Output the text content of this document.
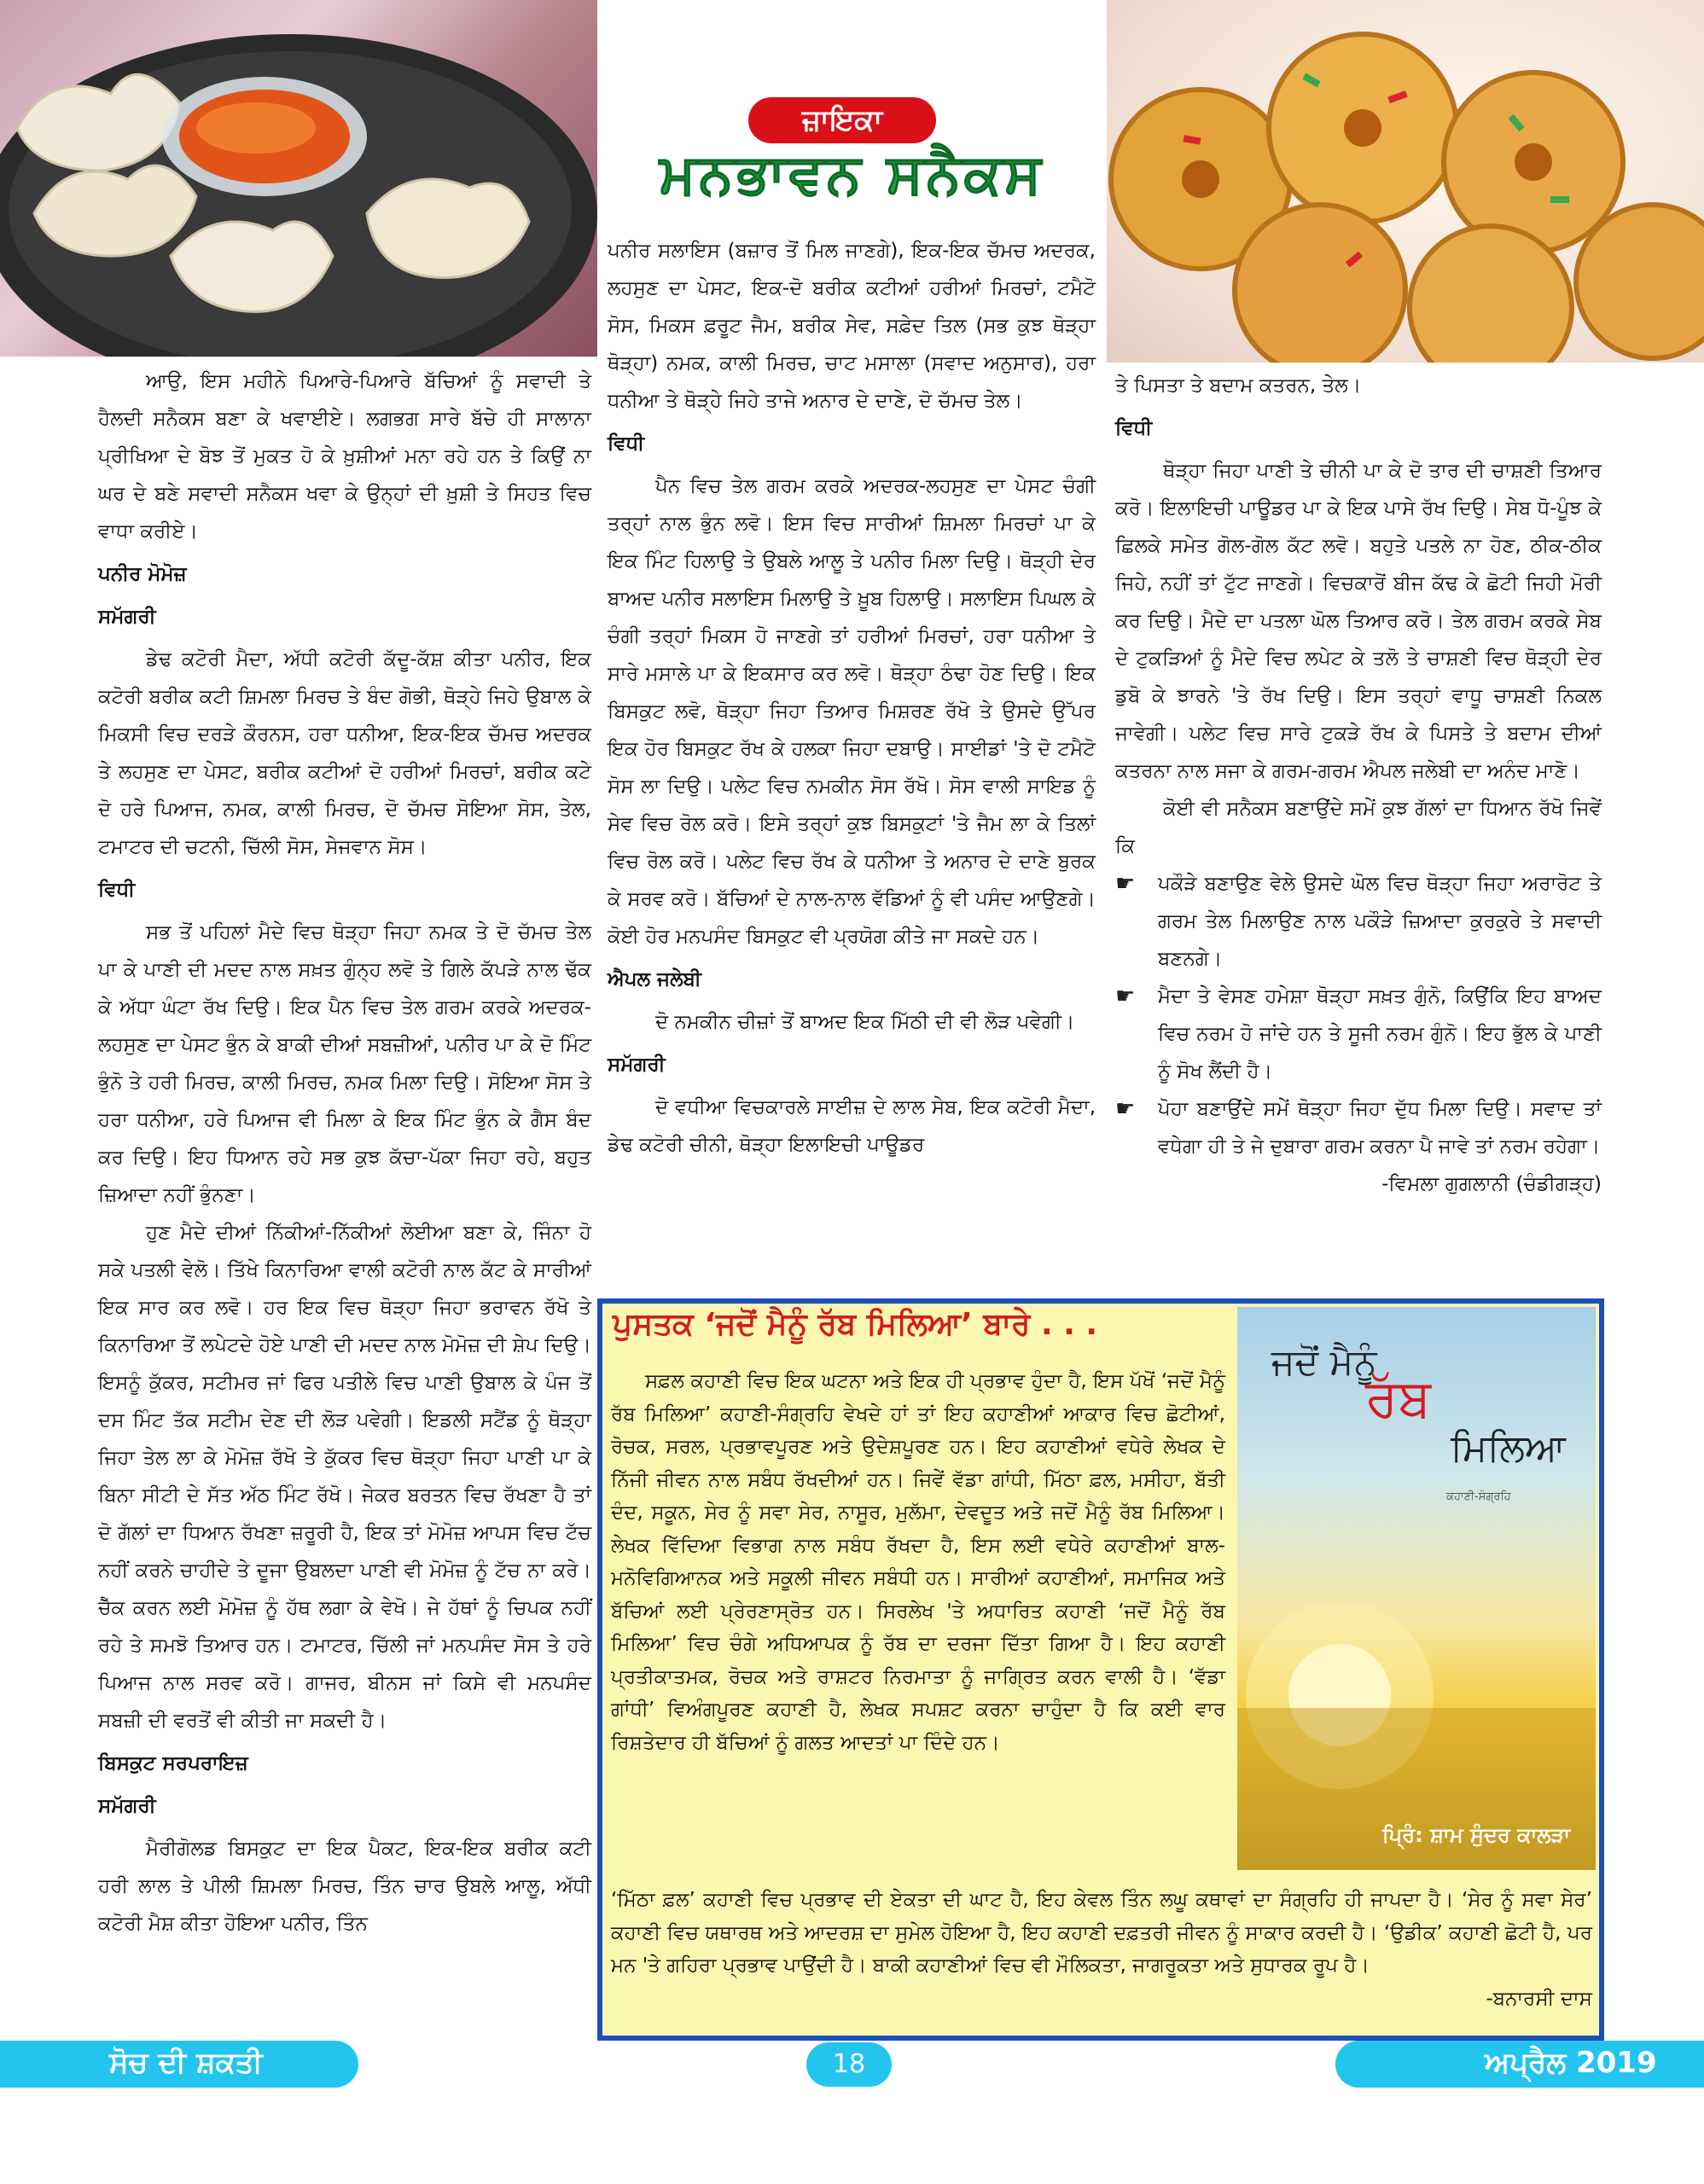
ਜ਼ਾਇਕਾ
ਮਨਭਾਵਨ ਸਨੈਕਸ

ਆਉ, ਇਸ ਮਹੀਨੇ ਪਿਆਰੇ-ਪਿਆਰੇ ਬੱਚਿਆਂ ਨੂੰ ਸਵਾਦੀ ਤੇ ਹੈਲਦੀ ਸਨੈਕਸ ਬਣਾ ਕੇ ਖਵਾਈਏ। ਲਗਭਗ ਸਾਰੇ ਬੱਚੇ ਹੀ ਸਾਲਾਨਾ ਪ੍ਰੀਖਿਆ ਦੇ ਬੋਝ ਤੋਂ ਮੁਕਤ ਹੋ ਕੇ ਖ਼ੁਸ਼ੀਆਂ ਮਨਾ ਰਹੇ ਹਨ ਤੇ ਕਿਉਂ ਨਾ ਘਰ ਦੇ ਬਣੇ ਸਵਾਦੀ ਸਨੈਕਸ ਖਵਾ ਕੇ ਉਨ੍ਹਾਂ ਦੀ ਖ਼ੁਸ਼ੀ ਤੇ ਸਿਹਤ ਵਿਚ ਵਾਧਾ ਕਰੀਏ।

ਪਨੀਰ ਮੋਮੋਜ਼

ਸਮੱਗਰੀ

ਡੇਢ ਕਟੋਰੀ ਮੈਦਾ, ਅੱਧੀ ਕਟੋਰੀ ਕੱਦੂ-ਕੱਸ਼ ਕੀਤਾ ਪਨੀਰ, ਇਕ ਕਟੋਰੀ ਬਰੀਕ ਕਟੀ ਸ਼ਿਮਲਾ ਮਿਰਚ ਤੇ ਬੰਦ ਗੋਭੀ, ਥੋੜ੍ਹੇ ਜਿਹੇ ਉਬਾਲ ਕੇ ਮਿਕਸੀ ਵਿਚ ਦਰੜੇ ਕੌਰਨਸ, ਹਰਾ ਧਨੀਆ, ਇਕ-ਇਕ ਚੱਮਚ ਅਦਰਕ ਤੇ ਲਹਸੁਣ ਦਾ ਪੇਸਟ, ਬਰੀਕ ਕਟੀਆਂ ਦੋ ਹਰੀਆਂ ਮਿਰਚਾਂ, ਬਰੀਕ ਕਟੇ ਦੋ ਹਰੇ ਪਿਆਜ, ਨਮਕ, ਕਾਲੀ ਮਿਰਚ, ਦੋ ਚੱਮਚ ਸੋਇਆ ਸੋਸ, ਤੇਲ, ਟਮਾਟਰ ਦੀ ਚਟਨੀ, ਚਿੱਲੀ ਸੋਸ, ਸੇਜਵਾਨ ਸੋਸ।

ਵਿਧੀ

ਸਭ ਤੋਂ ਪਹਿਲਾਂ ਮੈਦੇ ਵਿਚ ਥੋੜ੍ਹਾ ਜਿਹਾ ਨਮਕ ਤੇ ਦੋ ਚੱਮਚ ਤੇਲ ਪਾ ਕੇ ਪਾਣੀ ਦੀ ਮਦਦ ਨਾਲ ਸਖ਼ਤ ਗੁੰਨ੍ਹ ਲਵੋ ਤੇ ਗਿਲੇ ਕੱਪੜੇ ਨਾਲ ਢੱਕ ਕੇ ਅੱਧਾ ਘੰਟਾ ਰੱਖ ਦਿਉ। ਇਕ ਪੈਨ ਵਿਚ ਤੇਲ ਗਰਮ ਕਰਕੇ ਅਦਰਕ-ਲਹਸੁਣ ਦਾ ਪੇਸਟ ਭੁੰਨ ਕੇ ਬਾਕੀ ਦੀਆਂ ਸਬਜ਼ੀਆਂ, ਪਨੀਰ ਪਾ ਕੇ ਦੋ ਮਿੰਟ ਭੁੰਨੋ ਤੇ ਹਰੀ ਮਿਰਚ, ਕਾਲੀ ਮਿਰਚ, ਨਮਕ ਮਿਲਾ ਦਿਉ। ਸੋਇਆ ਸੋਸ ਤੇ ਹਰਾ ਧਨੀਆ, ਹਰੇ ਪਿਆਜ ਵੀ ਮਿਲਾ ਕੇ ਇਕ ਮਿੰਟ ਭੁੰਨ ਕੇ ਗੈਸ ਬੰਦ ਕਰ ਦਿਉ। ਇਹ ਧਿਆਨ ਰਹੇ ਸਭ ਕੁਝ ਕੱਚਾ-ਪੱਕਾ ਜਿਹਾ ਰਹੇ, ਬਹੁਤ ਜ਼ਿਆਦਾ ਨਹੀਂ ਭੁੰਨਣਾ।

ਹੁਣ ਮੈਦੇ ਦੀਆਂ ਨਿੱਕੀਆਂ-ਨਿੱਕੀਆਂ ਲੋਈਆ ਬਣਾ ਕੇ, ਜਿੰਨਾ ਹੋ ਸਕੇ ਪਤਲੀ ਵੇਲੋ। ਤਿੱਖੇ ਕਿਨਾਰਿਆ ਵਾਲੀ ਕਟੋਰੀ ਨਾਲ ਕੱਟ ਕੇ ਸਾਰੀਆਂ ਇਕ ਸਾਰ ਕਰ ਲਵੋ। ਹਰ ਇਕ ਵਿਚ ਥੋੜ੍ਹਾ ਜਿਹਾ ਭਰਾਵਨ ਰੱਖੋ ਤੇ ਕਿਨਾਰਿਆ ਤੋਂ ਲਪੇਟਦੇ ਹੋਏ ਪਾਣੀ ਦੀ ਮਦਦ ਨਾਲ ਮੋਮੋਜ਼ ਦੀ ਸ਼ੇਪ ਦਿਉ। ਇਸਨੂੰ ਕੁੱਕਰ, ਸਟੀਮਰ ਜਾਂ ਫਿਰ ਪਤੀਲੇ ਵਿਚ ਪਾਣੀ ਉਬਾਲ ਕੇ ਪੰਜ ਤੋਂ ਦਸ ਮਿੰਟ ਤੱਕ ਸਟੀਮ ਦੇਣ ਦੀ ਲੋੜ ਪਵੇਗੀ। ਇਡਲੀ ਸਟੈਂਡ ਨੂੰ ਥੋੜ੍ਹਾ ਜਿਹਾ ਤੇਲ ਲਾ ਕੇ ਮੋਮੋਜ਼ ਰੱਖੋ ਤੇ ਕੁੱਕਰ ਵਿਚ ਥੋੜ੍ਹਾ ਜਿਹਾ ਪਾਣੀ ਪਾ ਕੇ ਬਿਨਾ ਸੀਟੀ ਦੇ ਸੱਤ ਅੱਠ ਮਿੰਟ ਰੱਖੋ। ਜੇਕਰ ਬਰਤਨ ਵਿਚ ਰੱਖਣਾ ਹੈ ਤਾਂ ਦੋ ਗੱਲਾਂ ਦਾ ਧਿਆਨ ਰੱਖਣਾ ਜ਼ਰੂਰੀ ਹੈ, ਇਕ ਤਾਂ ਮੋਮੋਜ਼ ਆਪਸ ਵਿਚ ਟੱਚ ਨਹੀਂ ਕਰਨੇ ਚਾਹੀਦੇ ਤੇ ਦੂਜਾ ਉਬਲਦਾ ਪਾਣੀ ਵੀ ਮੋਮੋਜ਼ ਨੂੰ ਟੱਚ ਨਾ ਕਰੇ। ਚੈੱਕ ਕਰਨ ਲਈ ਮੋਮੋਜ਼ ਨੂੰ ਹੱਥ ਲਗਾ ਕੇ ਵੇਖੋ। ਜੇ ਹੱਥਾਂ ਨੂੰ ਚਿਪਕ ਨਹੀਂ ਰਹੇ ਤੇ ਸਮਝੋ ਤਿਆਰ ਹਨ। ਟਮਾਟਰ, ਚਿੱਲੀ ਜਾਂ ਮਨਪਸੰਦ ਸੋਸ ਤੇ ਹਰੇ ਪਿਆਜ ਨਾਲ ਸਰਵ ਕਰੋ। ਗਾਜਰ, ਬੀਨਸ ਜਾਂ ਕਿਸੇ ਵੀ ਮਨਪਸੰਦ ਸਬਜ਼ੀ ਦੀ ਵਰਤੋਂ ਵੀ ਕੀਤੀ ਜਾ ਸਕਦੀ ਹੈ।

ਬਿਸਕੁਟ ਸਰਪਰਾਇਜ਼

ਸਮੱਗਰੀ

ਮੈਰੀਗੋਲਡ ਬਿਸਕੁਟ ਦਾ ਇਕ ਪੈਕਟ, ਇਕ-ਇਕ ਬਰੀਕ ਕਟੀ ਹਰੀ ਲਾਲ ਤੇ ਪੀਲੀ ਸ਼ਿਮਲਾ ਮਿਰਚ, ਤਿੰਨ ਚਾਰ ਉਬਲੇ ਆਲੂ, ਅੱਧੀ ਕਟੋਰੀ ਮੈਸ਼ ਕੀਤਾ ਹੋਇਆ ਪਨੀਰ, ਤਿੰਨ

ਪਨੀਰ ਸਲਾਇਸ (ਬਜ਼ਾਰ ਤੋਂ ਮਿਲ ਜਾਣਗੇ), ਇਕ-ਇਕ ਚੱਮਚ ਅਦਰਕ, ਲਹਸੁਣ ਦਾ ਪੇਸਟ, ਇਕ-ਦੋ ਬਰੀਕ ਕਟੀਆਂ ਹਰੀਆਂ ਮਿਰਚਾਂ, ਟਮੈਟੋ ਸੋਸ, ਮਿਕਸ ਫ਼ਰੂਟ ਜੈਮ, ਬਰੀਕ ਸੇਵ, ਸਫ਼ੇਦ ਤਿਲ (ਸਭ ਕੁਝ ਥੋੜ੍ਹਾ ਥੋੜ੍ਹਾ) ਨਮਕ, ਕਾਲੀ ਮਿਰਚ, ਚਾਟ ਮਸਾਲਾ (ਸਵਾਦ ਅਨੁਸਾਰ), ਹਰਾ ਧਨੀਆ ਤੇ ਥੋੜ੍ਹੇ ਜਿਹੇ ਤਾਜੇ ਅਨਾਰ ਦੇ ਦਾਣੇ, ਦੋ ਚੱਮਚ ਤੇਲ।

ਵਿਧੀ

ਪੈਨ ਵਿਚ ਤੇਲ ਗਰਮ ਕਰਕੇ ਅਦਰਕ-ਲਹਸੁਣ ਦਾ ਪੇਸਟ ਚੰਗੀ ਤਰ੍ਹਾਂ ਨਾਲ ਭੁੰਨ ਲਵੋ। ਇਸ ਵਿਚ ਸਾਰੀਆਂ ਸ਼ਿਮਲਾ ਮਿਰਚਾਂ ਪਾ ਕੇ ਇਕ ਮਿੰਟ ਹਿਲਾਉ ਤੇ ਉਬਲੇ ਆਲੂ ਤੇ ਪਨੀਰ ਮਿਲਾ ਦਿਉ। ਥੋੜ੍ਹੀ ਦੇਰ ਬਾਅਦ ਪਨੀਰ ਸਲਾਇਸ ਮਿਲਾਉ ਤੇ ਖ਼ੂਬ ਹਿਲਾਉ। ਸਲਾਇਸ ਪਿਘਲ ਕੇ ਚੰਗੀ ਤਰ੍ਹਾਂ ਮਿਕਸ ਹੋ ਜਾਣਗੇ ਤਾਂ ਹਰੀਆਂ ਮਿਰਚਾਂ, ਹਰਾ ਧਨੀਆ ਤੇ ਸਾਰੇ ਮਸਾਲੇ ਪਾ ਕੇ ਇਕਸਾਰ ਕਰ ਲਵੋ। ਥੋੜ੍ਹਾ ਠੰਢਾ ਹੋਣ ਦਿਉ। ਇਕ ਬਿਸਕੁਟ ਲਵੋ, ਥੋੜ੍ਹਾ ਜਿਹਾ ਤਿਆਰ ਮਿਸ਼ਰਣ ਰੱਖੋ ਤੇ ਉਸਦੇ ਉੱਪਰ ਇਕ ਹੋਰ ਬਿਸਕੁਟ ਰੱਖ ਕੇ ਹਲਕਾ ਜਿਹਾ ਦਬਾਉ। ਸਾਈਡਾਂ 'ਤੇ ਦੋ ਟਮੈਟੋ ਸੋਸ ਲਾ ਦਿਉ। ਪਲੇਟ ਵਿਚ ਨਮਕੀਨ ਸੋਸ ਰੱਖੋ। ਸੋਸ ਵਾਲੀ ਸਾਇਡ ਨੂੰ ਸੇਵ ਵਿਚ ਰੋਲ ਕਰੋ। ਇਸੇ ਤਰ੍ਹਾਂ ਕੁਝ ਬਿਸਕੁਟਾਂ 'ਤੇ ਜੈਮ ਲਾ ਕੇ ਤਿਲਾਂ ਵਿਚ ਰੋਲ ਕਰੋ। ਪਲੇਟ ਵਿਚ ਰੱਖ ਕੇ ਧਨੀਆ ਤੇ ਅਨਾਰ ਦੇ ਦਾਣੇ ਬੁਰਕ ਕੇ ਸਰਵ ਕਰੋ। ਬੱਚਿਆਂ ਦੇ ਨਾਲ-ਨਾਲ ਵੱਡਿਆਂ ਨੂੰ ਵੀ ਪਸੰਦ ਆਉਣਗੇ। ਕੋਈ ਹੋਰ ਮਨਪਸੰਦ ਬਿਸਕੁਟ ਵੀ ਪ੍ਰਯੋਗ ਕੀਤੇ ਜਾ ਸਕਦੇ ਹਨ।

ਐਪਲ ਜਲੇਬੀ

ਦੋ ਨਮਕੀਨ ਚੀਜ਼ਾਂ ਤੋਂ ਬਾਅਦ ਇਕ ਮਿੱਠੀ ਦੀ ਵੀ ਲੋੜ ਪਵੇਗੀ।

ਸਮੱਗਰੀ

ਦੋ ਵਧੀਆ ਵਿਚਕਾਰਲੇ ਸਾਈਜ਼ ਦੇ ਲਾਲ ਸੇਬ, ਇਕ ਕਟੋਰੀ ਮੈਦਾ, ਡੇਢ ਕਟੋਰੀ ਚੀਨੀ, ਥੋੜ੍ਹਾ ਇਲਾਇਚੀ ਪਾਊਡਰ

ਤੇ ਪਿਸਤਾ ਤੇ ਬਦਾਮ ਕਤਰਨ, ਤੇਲ।

ਵਿਧੀ

ਥੋੜ੍ਹਾ ਜਿਹਾ ਪਾਣੀ ਤੇ ਚੀਨੀ ਪਾ ਕੇ ਦੋ ਤਾਰ ਦੀ ਚਾਸ਼ਣੀ ਤਿਆਰ ਕਰੋ। ਇਲਾਇਚੀ ਪਾਊਡਰ ਪਾ ਕੇ ਇਕ ਪਾਸੇ ਰੱਖ ਦਿਉ। ਸੇਬ ਧੋ-ਪੂੰਝ ਕੇ ਛਿਲਕੇ ਸਮੇਤ ਗੋਲ-ਗੋਲ ਕੱਟ ਲਵੋ। ਬਹੁਤੇ ਪਤਲੇ ਨਾ ਹੋਣ, ਠੀਕ-ਠੀਕ ਜਿਹੇ, ਨਹੀਂ ਤਾਂ ਟੁੱਟ ਜਾਣਗੇ। ਵਿਚਕਾਰੋਂ ਬੀਜ ਕੱਢ ਕੇ ਛੋਟੀ ਜਿਹੀ ਮੋਰੀ ਕਰ ਦਿਉ। ਮੈਦੇ ਦਾ ਪਤਲਾ ਘੋਲ ਤਿਆਰ ਕਰੋ। ਤੇਲ ਗਰਮ ਕਰਕੇ ਸੇਬ ਦੇ ਟੁਕੜਿਆਂ ਨੂੰ ਮੈਦੇ ਵਿਚ ਲਪੇਟ ਕੇ ਤਲੋ ਤੇ ਚਾਸ਼ਣੀ ਵਿਚ ਥੋੜ੍ਹੀ ਦੇਰ ਡੁਬੋ ਕੇ ਝਾਰਨੇ 'ਤੇ ਰੱਖ ਦਿਉ। ਇਸ ਤਰ੍ਹਾਂ ਵਾਧੂ ਚਾਸ਼ਣੀ ਨਿਕਲ ਜਾਵੇਗੀ। ਪਲੇਟ ਵਿਚ ਸਾਰੇ ਟੁਕੜੇ ਰੱਖ ਕੇ ਪਿਸਤੇ ਤੇ ਬਦਾਮ ਦੀਆਂ ਕਤਰਨਾ ਨਾਲ ਸਜਾ ਕੇ ਗਰਮ-ਗਰਮ ਐਪਲ ਜਲੇਬੀ ਦਾ ਅਨੰਦ ਮਾਣੋ।

ਕੋਈ ਵੀ ਸਨੈਕਸ ਬਣਾਉਂਦੇ ਸਮੇਂ ਕੁਝ ਗੱਲਾਂ ਦਾ ਧਿਆਨ ਰੱਖੋ ਜਿਵੇਂ ਕਿ

☛ ਪਕੌੜੇ ਬਣਾਉਣ ਵੇਲੇ ਉਸਦੇ ਘੋਲ ਵਿਚ ਥੋੜ੍ਹਾ ਜਿਹਾ ਅਰਾਰੋਟ ਤੇ ਗਰਮ ਤੇਲ ਮਿਲਾਉਣ ਨਾਲ ਪਕੌੜੇ ਜ਼ਿਆਦਾ ਕੁਰਕੁਰੇ ਤੇ ਸਵਾਦੀ ਬਣਨਗੇ।
☛ ਮੈਦਾ ਤੇ ਵੇਸਣ ਹਮੇਸ਼ਾ ਥੋੜ੍ਹਾ ਸਖ਼ਤ ਗੁੰਨੋ, ਕਿਉਂਕਿ ਇਹ ਬਾਅਦ ਵਿਚ ਨਰਮ ਹੋ ਜਾਂਦੇ ਹਨ ਤੇ ਸੂਜੀ ਨਰਮ ਗੁੰਨੋ। ਇਹ ਭੁੱਲ ਕੇ ਪਾਣੀ ਨੂੰ ਸੋਖ ਲੈਂਦੀ ਹੈ।
☛ ਪੋਹਾ ਬਣਾਉਂਦੇ ਸਮੇਂ ਥੋੜ੍ਹਾ ਜਿਹਾ ਦੁੱਧ ਮਿਲਾ ਦਿਉ। ਸਵਾਦ ਤਾਂ ਵਧੇਗਾ ਹੀ ਤੇ ਜੇ ਦੁਬਾਰਾ ਗਰਮ ਕਰਨਾ ਪੈ ਜਾਵੇ ਤਾਂ ਨਰਮ ਰਹੇਗਾ।

-ਵਿਮਲਾ ਗੁਗਲਾਨੀ (ਚੰਡੀਗੜ੍ਹ)

ਪੁਸਤਕ ‘ਜਦੋਂ ਮੈਨੂੰ ਰੱਬ ਮਿਲਿਆ’ ਬਾਰੇ . . .

ਸਫ਼ਲ ਕਹਾਣੀ ਵਿਚ ਇਕ ਘਟਨਾ ਅਤੇ ਇਕ ਹੀ ਪ੍ਰਭਾਵ ਹੁੰਦਾ ਹੈ, ਇਸ ਪੱਖੋਂ ‘ਜਦੋਂ ਮੈਨੂੰ ਰੱਬ ਮਿਲਿਆ’ ਕਹਾਣੀ-ਸੰਗ੍ਰਹਿ ਵੇਖਦੇ ਹਾਂ ਤਾਂ ਇਹ ਕਹਾਣੀਆਂ ਆਕਾਰ ਵਿਚ ਛੋਟੀਆਂ, ਰੋਚਕ, ਸਰਲ, ਪ੍ਰਭਾਵਪੂਰਣ ਅਤੇ ਉਦੇਸ਼ਪੂਰਣ ਹਨ। ਇਹ ਕਹਾਣੀਆਂ ਵਧੇਰੇ ਲੇਖਕ ਦੇ ਨਿੱਜੀ ਜੀਵਨ ਨਾਲ ਸਬੰਧ ਰੱਖਦੀਆਂ ਹਨ। ਜਿਵੇਂ ਵੱਡਾ ਗਾਂਧੀ, ਮਿੱਠਾ ਫ਼ਲ, ਮਸੀਹਾ, ਬੱਤੀ ਦੰਦ, ਸਕੂਨ, ਸੇਰ ਨੂੰ ਸਵਾ ਸੇਰ, ਨਾਸੂਰ, ਮੁਲੱਮਾ, ਦੇਵਦੂਤ ਅਤੇ ਜਦੋਂ ਮੈਨੂੰ ਰੱਬ ਮਿਲਿਆ। ਲੇਖਕ ਵਿੱਦਿਆ ਵਿਭਾਗ ਨਾਲ ਸਬੰਧ ਰੱਖਦਾ ਹੈ, ਇਸ ਲਈ ਵਧੇਰੇ ਕਹਾਣੀਆਂ ਬਾਲ-ਮਨੋਵਿਗਿਆਨਕ ਅਤੇ ਸਕੂਲੀ ਜੀਵਨ ਸਬੰਧੀ ਹਨ। ਸਾਰੀਆਂ ਕਹਾਣੀਆਂ, ਸਮਾਜਿਕ ਅਤੇ ਬੱਚਿਆਂ ਲਈ ਪ੍ਰੇਰਣਾਸ੍ਰੋਤ ਹਨ। ਸਿਰਲੇਖ 'ਤੇ ਅਧਾਰਿਤ ਕਹਾਣੀ ‘ਜਦੋਂ ਮੈਨੂੰ ਰੱਬ ਮਿਲਿਆ’ ਵਿਚ ਚੰਗੇ ਅਧਿਆਪਕ ਨੂੰ ਰੱਬ ਦਾ ਦਰਜਾ ਦਿੱਤਾ ਗਿਆ ਹੈ। ਇਹ ਕਹਾਣੀ ਪ੍ਰਤੀਕਾਤਮਕ, ਰੋਚਕ ਅਤੇ ਰਾਸ਼ਟਰ ਨਿਰਮਾਤਾ ਨੂੰ ਜਾਗ੍ਰਿਤ ਕਰਨ ਵਾਲੀ ਹੈ। ‘ਵੱਡਾ ਗਾਂਧੀ’ ਵਿਅੰਗਪੂਰਣ ਕਹਾਣੀ ਹੈ, ਲੇਖਕ ਸਪਸ਼ਟ ਕਰਨਾ ਚਾਹੁੰਦਾ ਹੈ ਕਿ ਕਈ ਵਾਰ ਰਿਸ਼ਤੇਦਾਰ ਹੀ ਬੱਚਿਆਂ ਨੂੰ ਗਲਤ ਆਦਤਾਂ ਪਾ ਦਿੰਦੇ ਹਨ।

‘ਮਿੱਠਾ ਫ਼ਲ’ ਕਹਾਣੀ ਵਿਚ ਪ੍ਰਭਾਵ ਦੀ ਏਕਤਾ ਦੀ ਘਾਟ ਹੈ, ਇਹ ਕੇਵਲ ਤਿੰਨ ਲਘੂ ਕਥਾਵਾਂ ਦਾ ਸੰਗ੍ਰਹਿ ਹੀ ਜਾਪਦਾ ਹੈ। ‘ਸੇਰ ਨੂੰ ਸਵਾ ਸੇਰ’ ਕਹਾਣੀ ਵਿਚ ਯਥਾਰਥ ਅਤੇ ਆਦਰਸ਼ ਦਾ ਸੁਮੇਲ ਹੋਇਆ ਹੈ, ਇਹ ਕਹਾਣੀ ਦਫ਼ਤਰੀ ਜੀਵਨ ਨੂੰ ਸਾਕਾਰ ਕਰਦੀ ਹੈ। ‘ਉਡੀਕ’ ਕਹਾਣੀ ਛੋਟੀ ਹੈ, ਪਰ ਮਨ 'ਤੇ ਗਹਿਰਾ ਪ੍ਰਭਾਵ ਪਾਉਂਦੀ ਹੈ। ਬਾਕੀ ਕਹਾਣੀਆਂ ਵਿਚ ਵੀ ਮੌਲਿਕਤਾ, ਜਾਗਰੂਕਤਾ ਅਤੇ ਸੁਧਾਰਕ ਰੂਪ ਹੈ।

-ਬਨਾਰਸੀ ਦਾਸ

ਜਦੋਂ ਮੈਨੂੰ
ਰੱਬ
ਮਿਲਿਆ
ਕਹਾਣੀ-ਸੰਗ੍ਰਹਿ
ਪ੍ਰਿੰ: ਸ਼ਾਮ ਸੁੰਦਰ ਕਾਲੜਾ
ਸੋਚ ਦੀ ਸ਼ਕਤੀ	18	ਅਪ੍ਰੈਲ 2019
